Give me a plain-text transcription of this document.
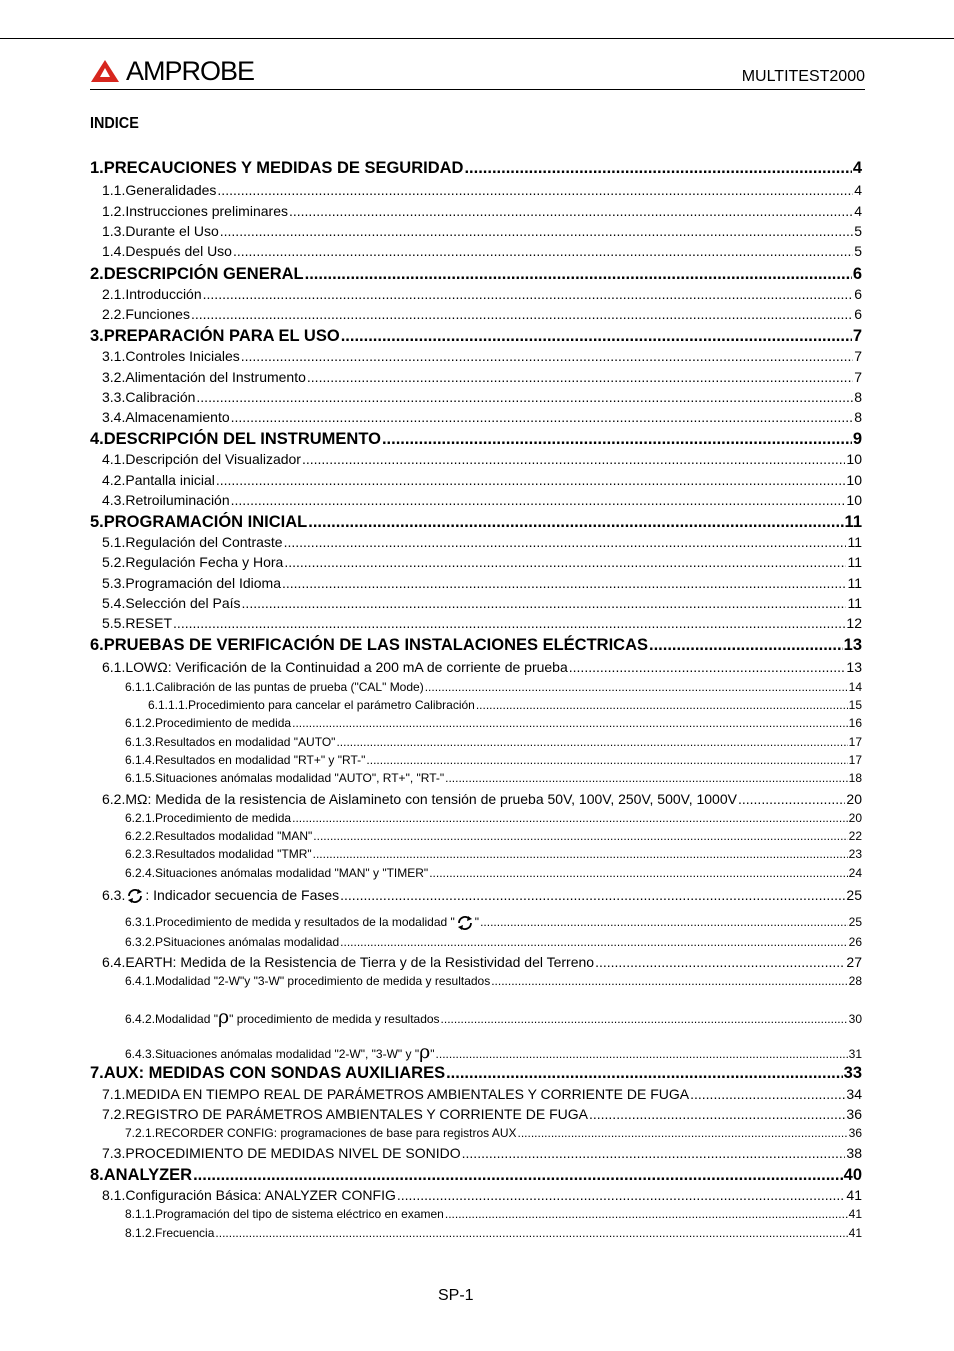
AMPROBE	MULTITEST2000
INDICE
1. PRECAUCIONES Y MEDIDAS DE SEGURIDAD .....	4
1.1. Generalidades .....	4
1.2. Instrucciones preliminares .....	4
1.3. Durante el Uso .....	5
1.4. Después del Uso .....	5
2. DESCRIPCIÓN GENERAL .....	6
2.1. Introducción .....	6
2.2. Funciones .....	6
3. PREPARACIÓN PARA EL USO .....	7
3.1. Controles Iniciales .....	7
3.2. Alimentación del Instrumento .....	7
3.3. Calibración .....	8
3.4. Almacenamiento .....	8
4. DESCRIPCIÓN DEL INSTRUMENTO .....	9
4.1. Descripción del Visualizador .....	10
4.2. Pantalla inicial .....	10
4.3. Retroiluminación .....	10
5. PROGRAMACIÓN INICIAL .....	11
5.1. Regulación del Contraste .....	11
5.2. Regulación Fecha y Hora .....	11
5.3. Programación del Idioma .....	11
5.4. Selección del País .....	11
5.5. RESET .....	12
6. PRUEBAS DE VERIFICACIÓN DE LAS INSTALACIONES ELÉCTRICAS .....	13
6.1. LOWΩ: Verificación de la Continuidad a 200 mA de corriente de prueba .....	13
6.1.1. Calibración de las puntas de prueba ("CAL" Mode) .....	14
6.1.1.1. Procedimiento para cancelar el parámetro Calibración .....	15
6.1.2. Procedimiento de medida .....	16
6.1.3. Resultados en modalidad "AUTO" .....	17
6.1.4. Resultados en modalidad "RT+" y "RT-" .....	17
6.1.5. Situaciones anómalas modalidad "AUTO", RT+", "RT-" .....	18
6.2. MΩ: Medida de la resistencia de Aislamineto con tensión de prueba 50V, 100V, 250V, 500V, 1000V .....	20
6.2.1. Procedimiento de medida .....	20
6.2.2. Resultados modalidad "MAN" .....	22
6.2.3. Resultados modalidad "TMR" .....	23
6.2.4. Situaciones anómalas modalidad "MAN" y "TIMER" .....	24
6.3.	: Indicador secuencia de Fases .....	25
6.3.1. Procedimiento de medida y resultados de la modalidad " " .....	25
6.3.2. PSituaciones anómalas modalidad .....	26
6.4. EARTH: Medida de la Resistencia de Tierra y de la Resistividad del Terreno .....	27
6.4.1. Modalidad "2-W"y "3-W" procedimiento de medida y resultados .....	28
6.4.2. Modalidad "ρ" procedimiento de medida y resultados .....	30
6.4.3. Situaciones anómalas modalidad "2-W", "3-W" y "ρ" .....	31
7. AUX: MEDIDAS CON SONDAS AUXILIARES .....	33
7.1. MEDIDA EN TIEMPO REAL DE PARÁMETROS AMBIENTALES Y CORRIENTE DE FUGA .....	34
7.2. REGISTRO DE PARÁMETROS AMBIENTALES Y CORRIENTE DE FUGA .....	36
7.2.1. RECORDER CONFIG: programaciones de base para registros AUX .....	36
7.3. PROCEDIMIENTO DE MEDIDAS NIVEL DE SONIDO .....	38
8. ANALYZER .....	40
8.1. Configuración Básica: ANALYZER CONFIG .....	41
8.1.1. Programación del tipo de sistema eléctrico en examen .....	41
8.1.2. Frecuencia .....	41
SP-1
